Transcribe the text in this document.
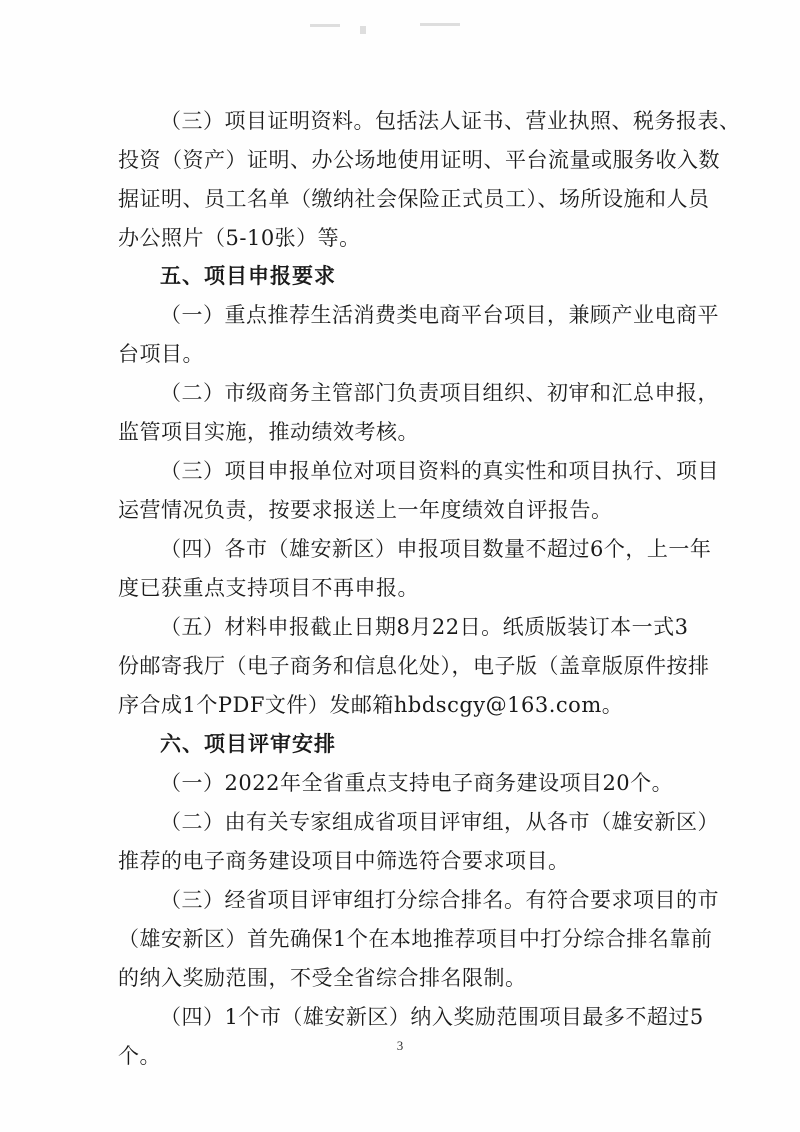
（三）项目证明资料。包括法人证书、营业执照、税务报表、
投资（资产）证明、办公场地使用证明、平台流量或服务收入数
据证明、员工名单（缴纳社会保险正式员工）、场所设施和人员
办公照片（5-10张）等。
五、项目申报要求
（一）重点推荐生活消费类电商平台项目，兼顾产业电商平
台项目。
（二）市级商务主管部门负责项目组织、初审和汇总申报，
监管项目实施，推动绩效考核。
（三）项目申报单位对项目资料的真实性和项目执行、项目
运营情况负责，按要求报送上一年度绩效自评报告。
（四）各市（雄安新区）申报项目数量不超过6个，上一年
度已获重点支持项目不再申报。
（五）材料申报截止日期8月22日。纸质版装订本一式3
份邮寄我厅（电子商务和信息化处），电子版（盖章版原件按排
序合成1个PDF文件）发邮箱hbdscgy@163.com。
六、项目评审安排
（一）2022年全省重点支持电子商务建设项目20个。
（二）由有关专家组成省项目评审组，从各市（雄安新区）
推荐的电子商务建设项目中筛选符合要求项目。
（三）经省项目评审组打分综合排名。有符合要求项目的市
（雄安新区）首先确保1个在本地推荐项目中打分综合排名靠前
的纳入奖励范围，不受全省综合排名限制。
（四）1个市（雄安新区）纳入奖励范围项目最多不超过5
个。	3
